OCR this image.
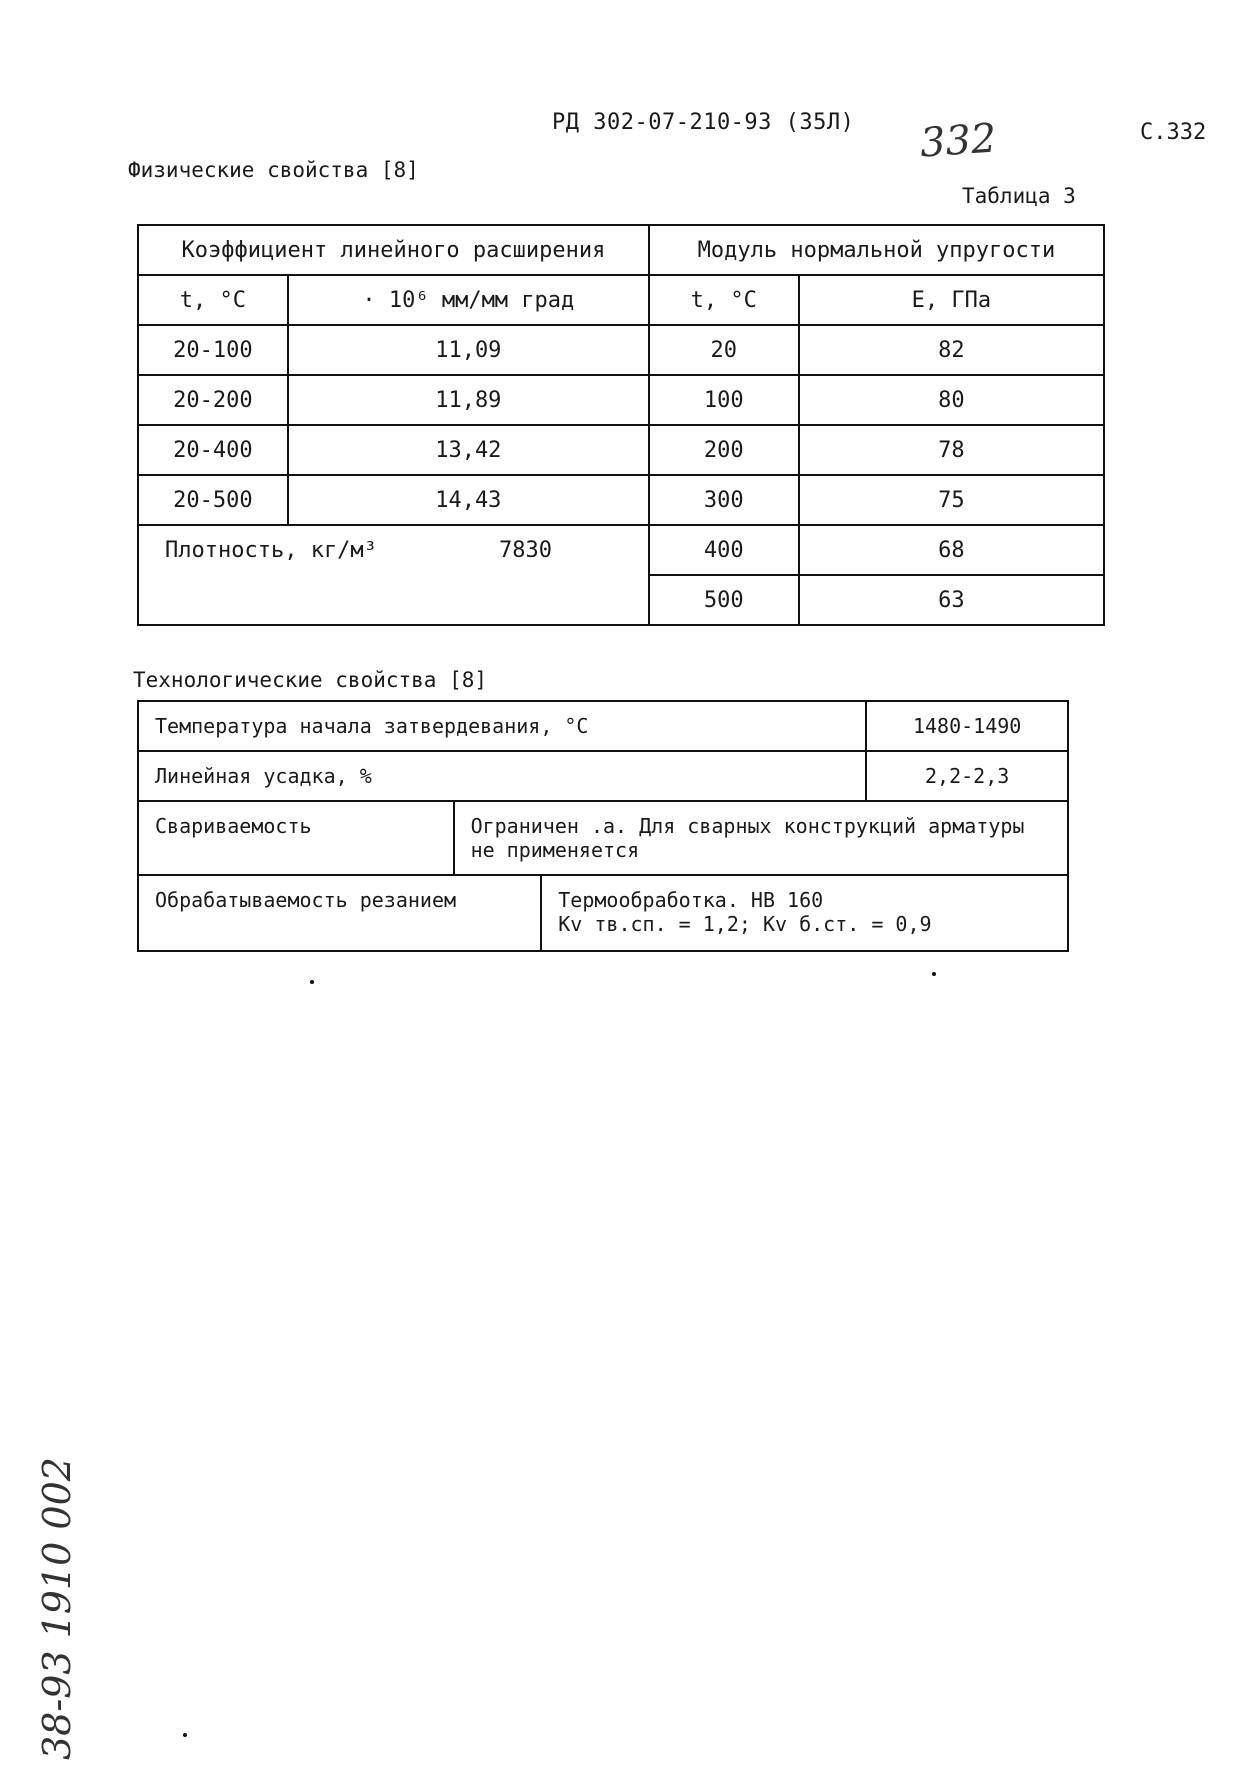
РД 302-07-210-93 (35Л) 332	С.332
Физические свойства [8]
Таблица 3
Коэффициент линейного расширения		Модуль нормальной упругости	
t, °C	· 10⁶ мм/мм град	t, °C	E, ГПа
20-100	11,09	20	82
20-200	11,89	100	80
20-400	13,42	200	78
20-500	14,43	300	75

Плотность, кг/м³ 7830		400	68
		500	63
Технологические свойства [8]
Температура начала затвердевания, °C			1480-1490
Линейная усадка, %			2,2-2,3
Свариваемость	Ограничен .а. Для сварных конструкций арматуры не применяется		
Обрабатываемость резанием		Термообработка. HB 160
Kv тв.сп. = 1,2; Kv б.ст. = 0,9	
38-93 1910 002
